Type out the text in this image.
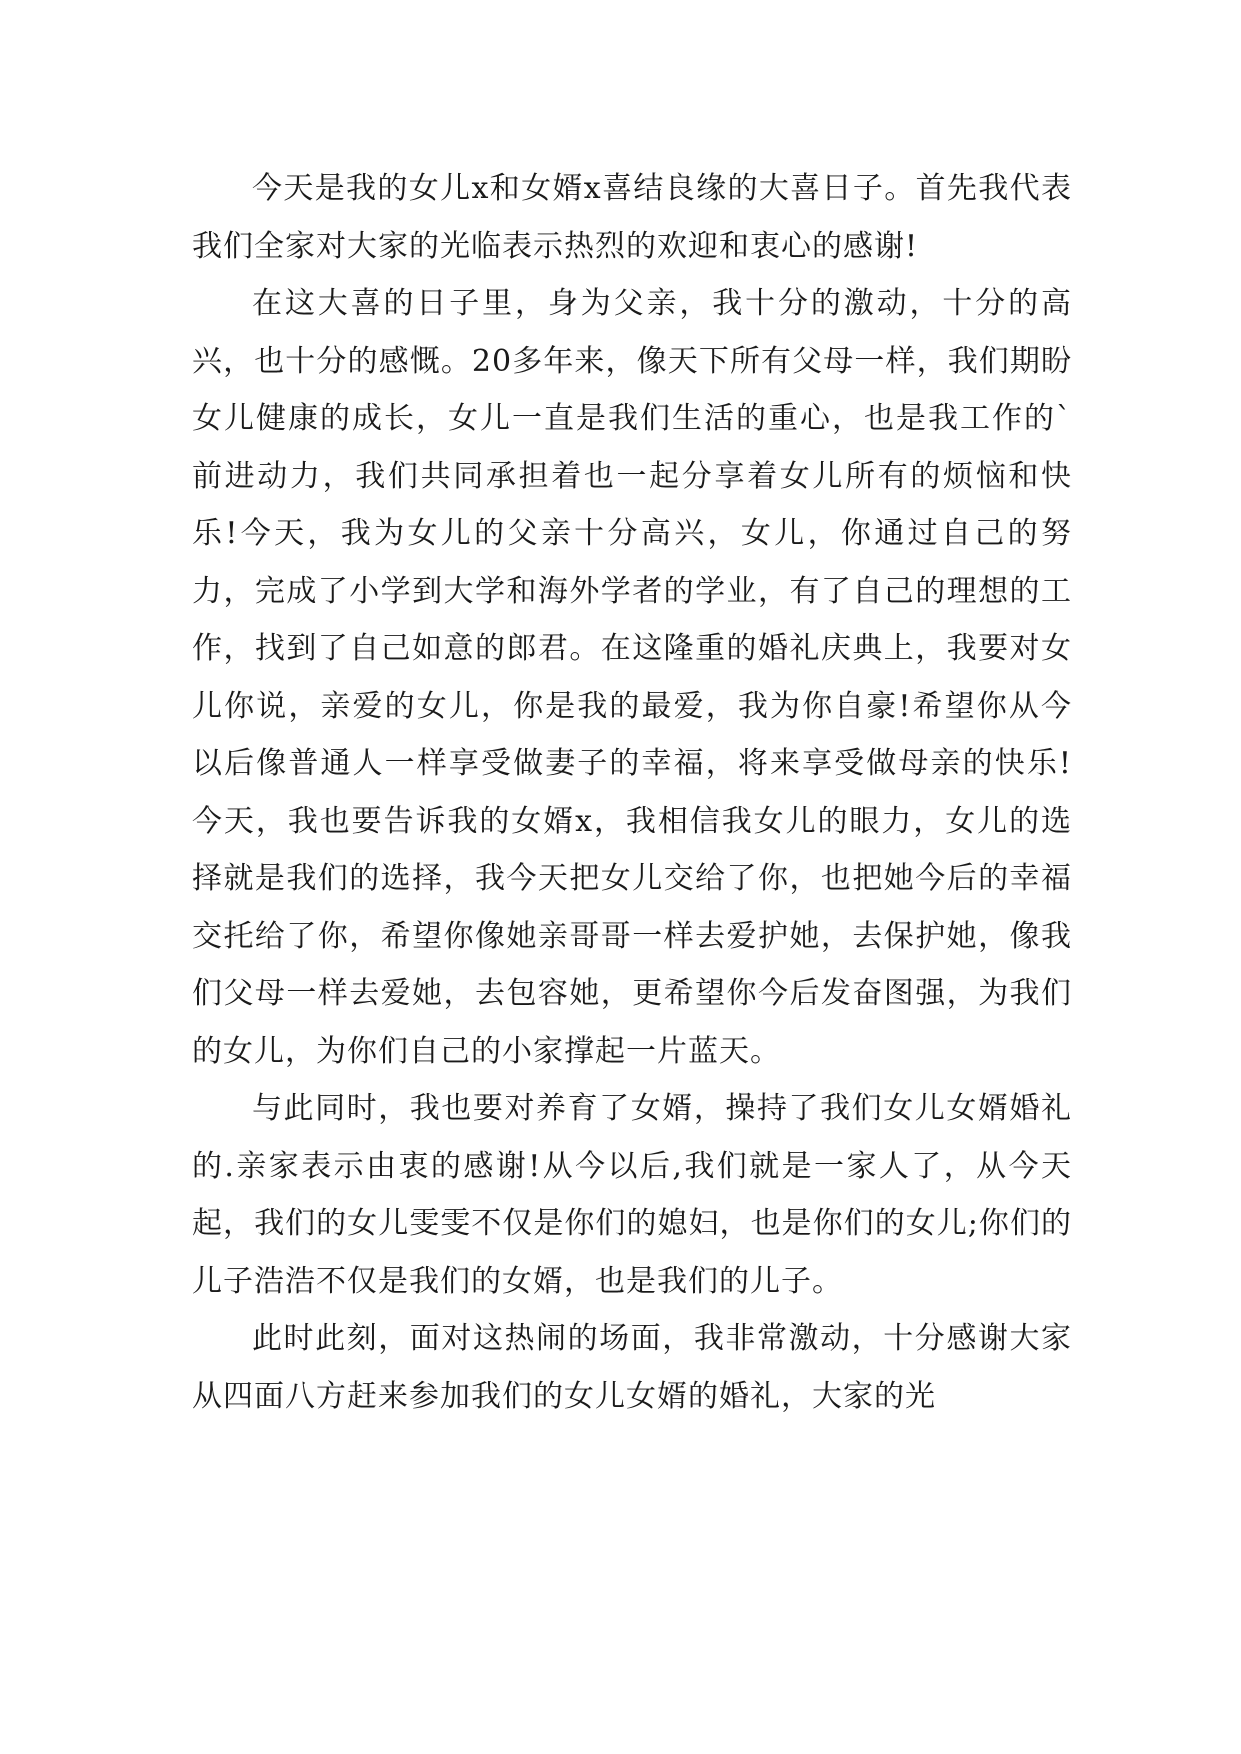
今天是我的女儿x和女婿x喜结良缘的大喜日子。首先我代表我们全家对大家的光临表示热烈的欢迎和衷心的感谢!

在这大喜的日子里，身为父亲，我十分的激动，十分的高兴，也十分的感慨。20多年来，像天下所有父母一样，我们期盼女儿健康的成长，女儿一直是我们生活的重心，也是我工作的`前进动力，我们共同承担着也一起分享着女儿所有的烦恼和快乐!今天，我为女儿的父亲十分高兴，女儿，你通过自己的努力，完成了小学到大学和海外学者的学业，有了自己的理想的工作，找到了自己如意的郎君。在这隆重的婚礼庆典上，我要对女儿你说，亲爱的女儿，你是我的最爱，我为你自豪!希望你从今以后像普通人一样享受做妻子的幸福，将来享受做母亲的快乐!今天，我也要告诉我的女婿x，我相信我女儿的眼力，女儿的选择就是我们的选择，我今天把女儿交给了你，也把她今后的幸福交托给了你，希望你像她亲哥哥一样去爱护她，去保护她，像我们父母一样去爱她，去包容她，更希望你今后发奋图强，为我们的女儿，为你们自己的小家撑起一片蓝天。

与此同时，我也要对养育了女婿，操持了我们女儿女婿婚礼的.亲家表示由衷的感谢!从今以后,我们就是一家人了，从今天起，我们的女儿雯雯不仅是你们的媳妇，也是你们的女儿;你们的儿子浩浩不仅是我们的女婿，也是我们的儿子。

此时此刻，面对这热闹的场面，我非常激动，十分感谢大家从四面八方赶来参加我们的女儿女婿的婚礼，大家的光
